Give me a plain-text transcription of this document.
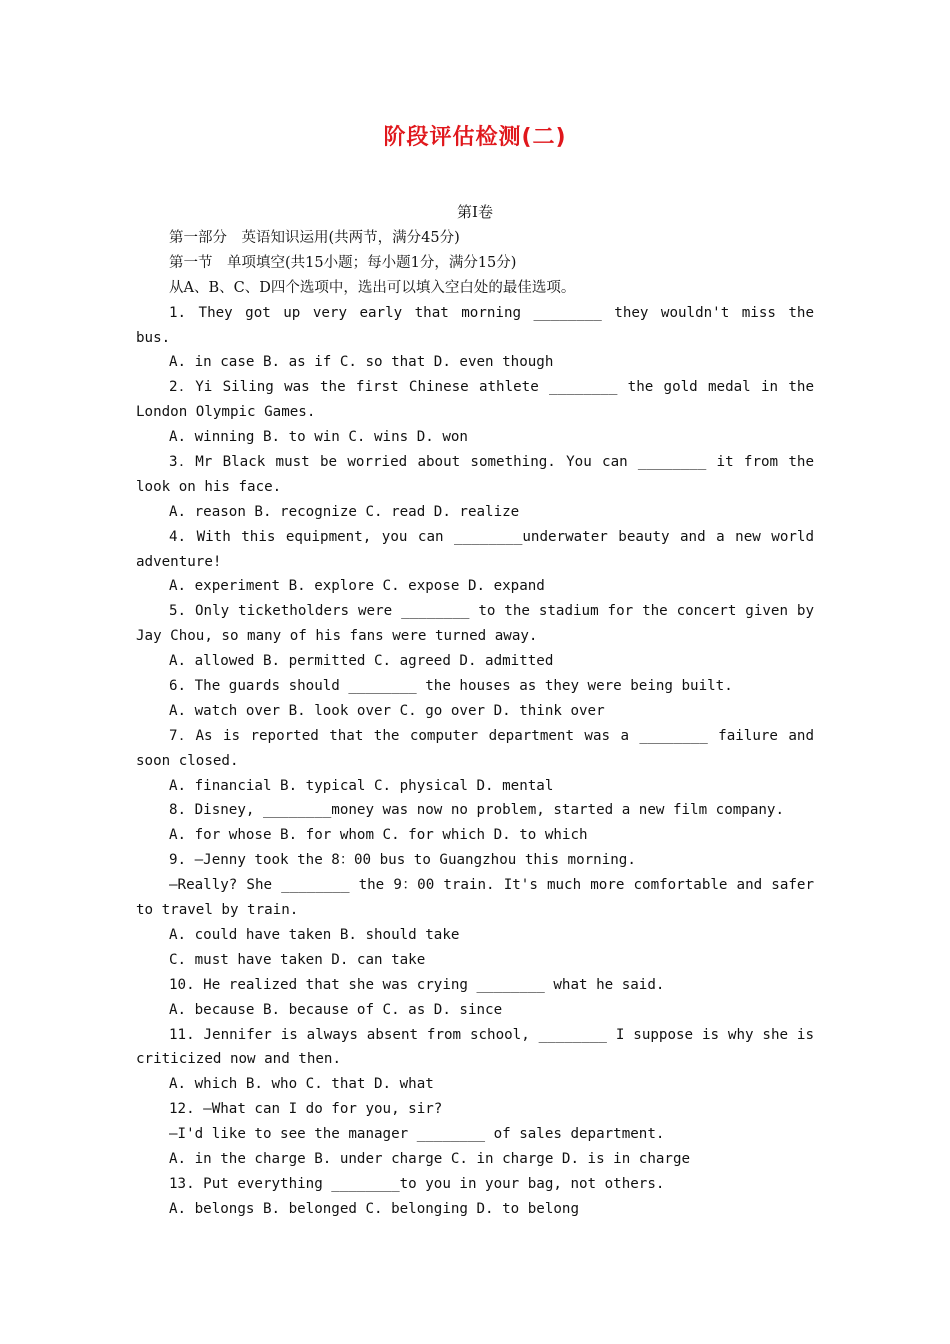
阶段评估检测(二)
第Ⅰ卷
第一部分　英语知识运用(共两节，满分45分)
第一节　单项填空(共15小题；每小题1分，满分15分)
从A、B、C、D四个选项中，选出可以填入空白处的最佳选项。
1. They got up very early that morning ________ they wouldn't miss the
bus.
A. in case B. as if C. so that D. even though
2．Yi Siling was the first Chinese athlete ________ the gold medal in the
London Olympic Games.
A. winning B. to win C. wins D. won
3．Mr Black must be worried about something. You can ________ it from the
look on his face.
A. reason B. recognize C. read D. realize
4. With this equipment, you can ________underwater beauty and a new world
adventure!
A. experiment B. explore C. expose D. expand
5. Only ticketholders were ________ to the stadium for the concert given by
Jay Chou, so many of his fans were turned away.
A. allowed B. permitted C. agreed D. admitted
6. The guards should ________ the houses as they were being built.
A. watch over B. look over C. go over D. think over
7．As is reported that the computer department was a ________ failure and
soon closed.
A. financial B. typical C. physical D. mental
8. Disney, ________money was now no problem, started a new film company.
A. for whose B. for whom C. for which D. to which
9. —Jenny took the 8：00 bus to Guangzhou this morning.
—Really? She ________ the 9：00 train. It's much more comfortable and safer
to travel by train.
A. could have taken B. should take
C. must have taken D. can take
10. He realized that she was crying ________ what he said.
A. because B. because of C. as D. since
11. Jennifer is always absent from school, ________ I suppose is why she is
criticized now and then.
A. which B. who C. that D. what
12. —What can I do for you, sir?
—I'd like to see the manager ________ of sales department.
A. in the charge B. under charge C. in charge D. is in charge
13. Put everything ________to you in your bag, not others.
A. belongs B. belonged C. belonging D. to belong
